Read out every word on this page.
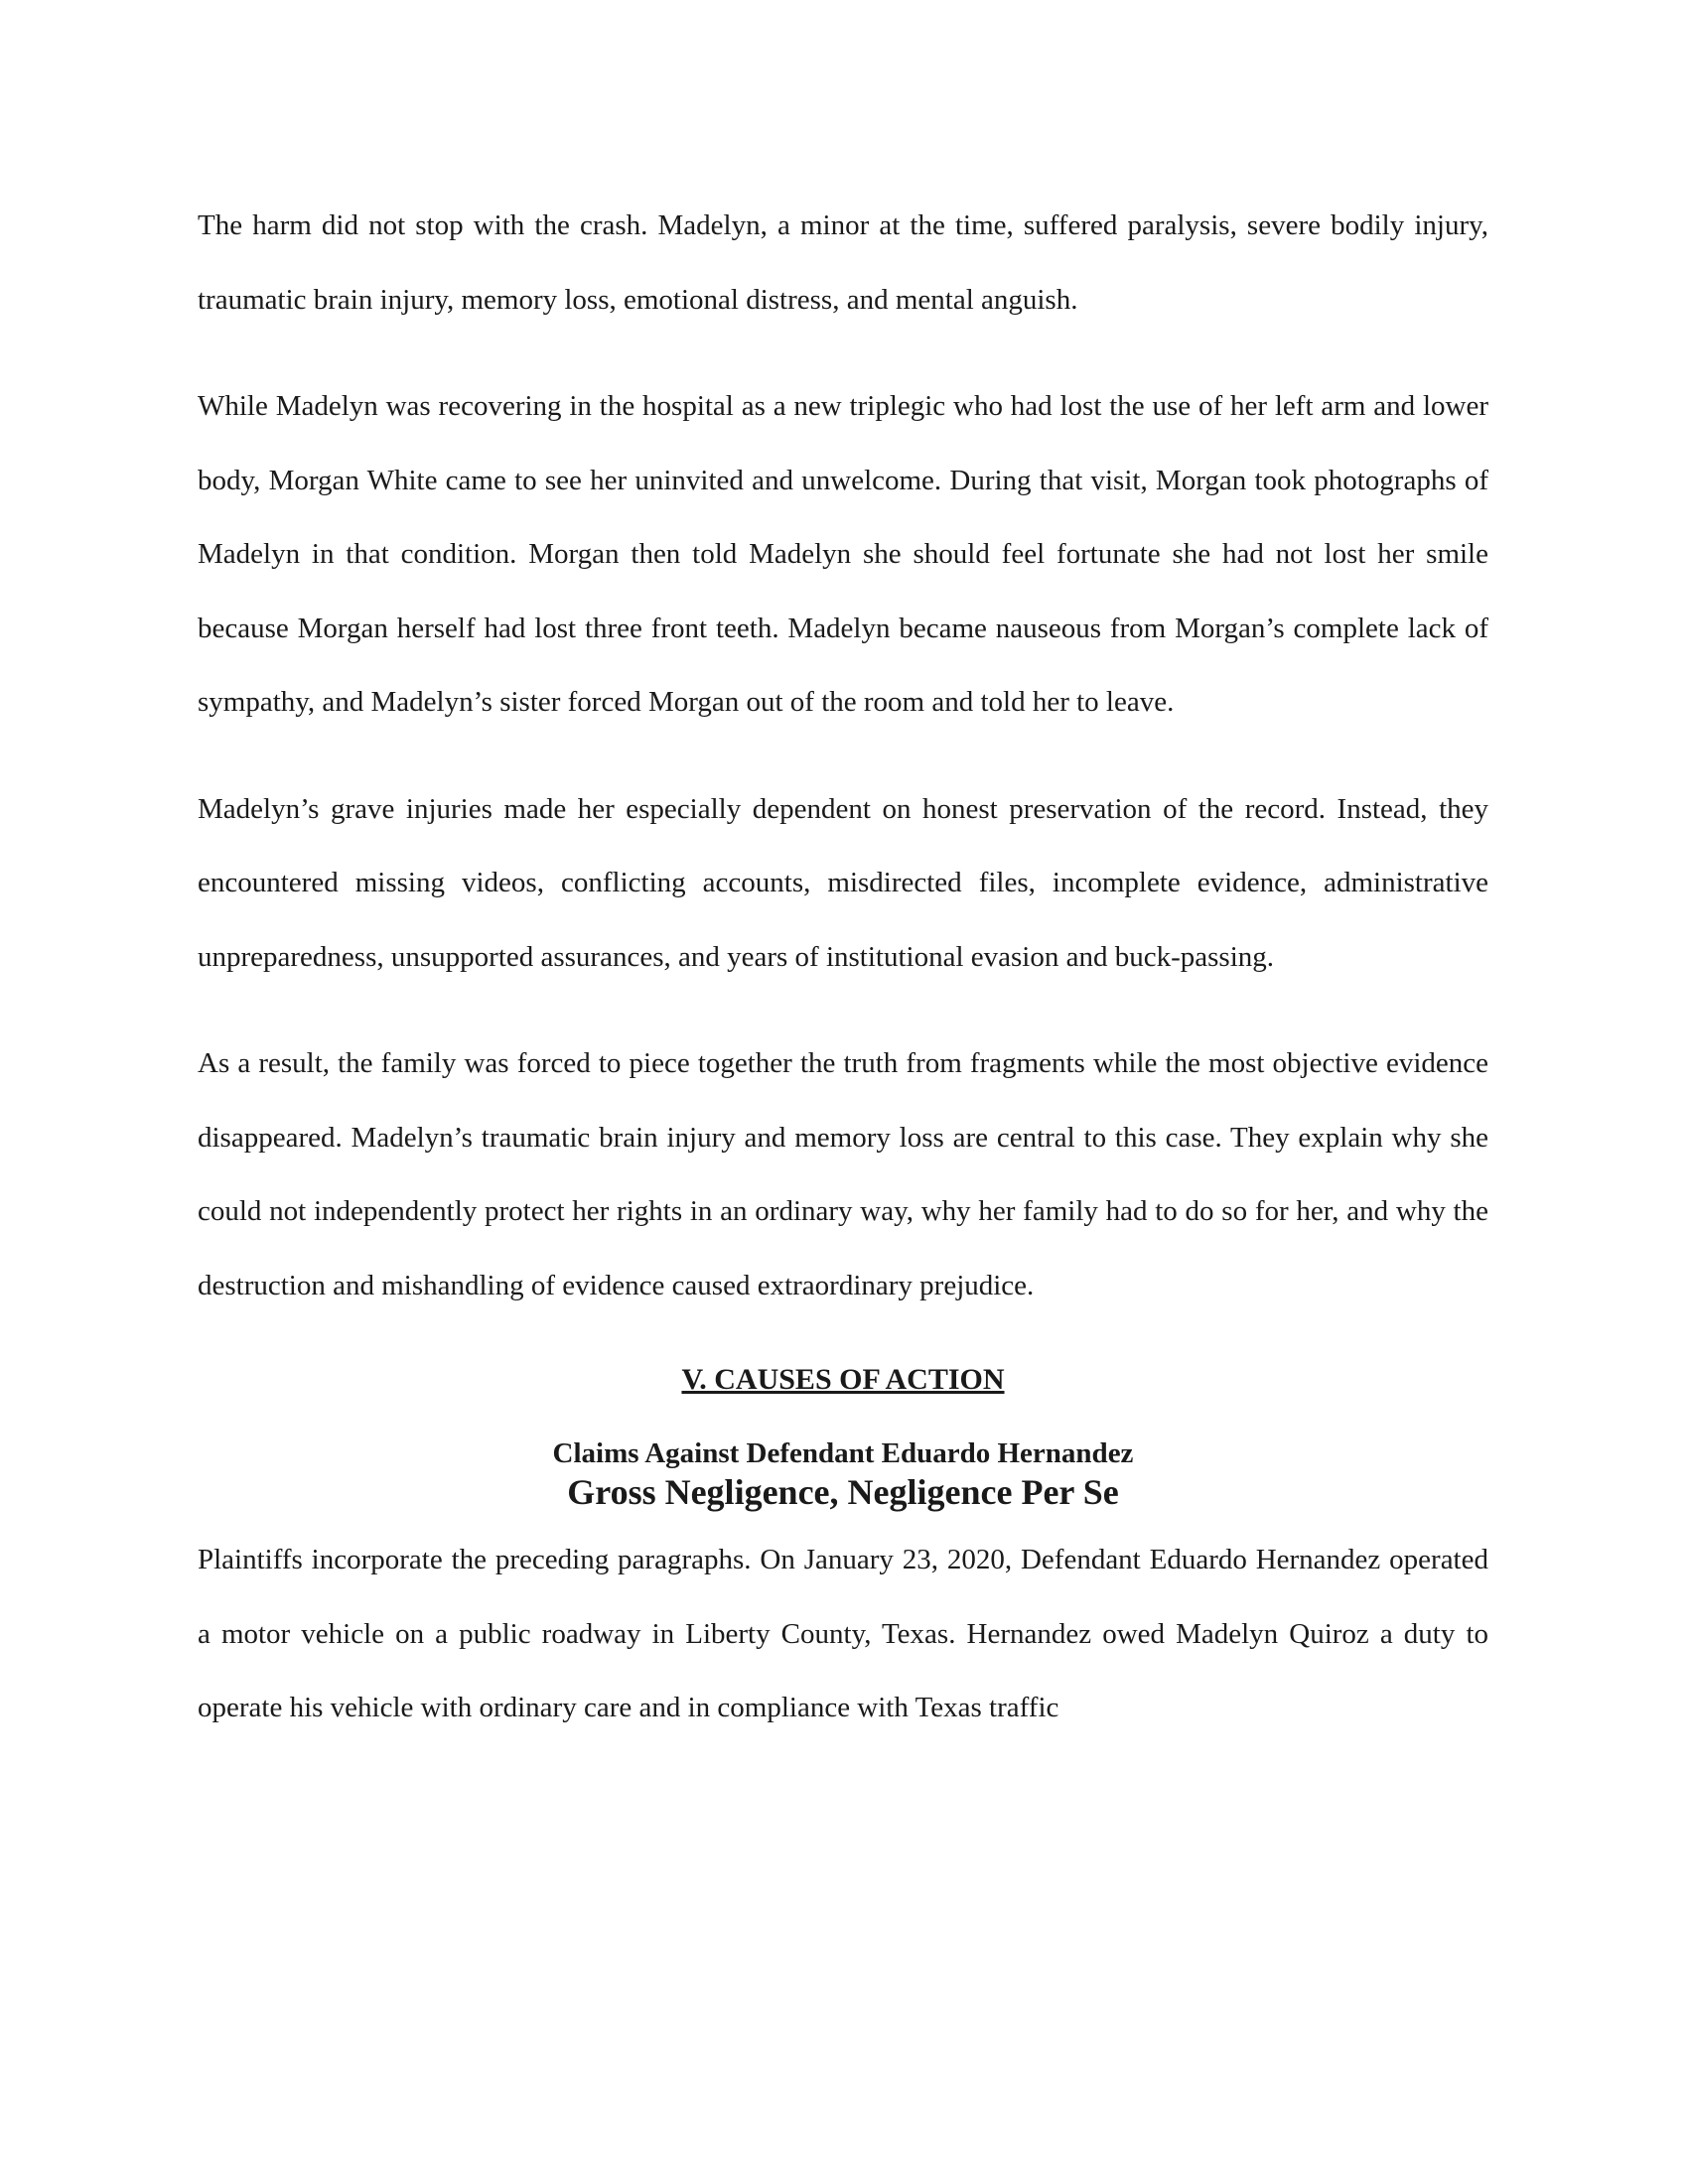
The harm did not stop with the crash. Madelyn, a minor at the time, suffered paralysis, severe bodily injury, traumatic brain injury, memory loss, emotional distress, and mental anguish.

While Madelyn was recovering in the hospital as a new triplegic who had lost the use of her left arm and lower body, Morgan White came to see her uninvited and unwelcome. During that visit, Morgan took photographs of Madelyn in that condition. Morgan then told Madelyn she should feel fortunate she had not lost her smile because Morgan herself had lost three front teeth. Madelyn became nauseous from Morgan’s complete lack of sympathy, and Madelyn’s sister forced Morgan out of the room and told her to leave.

Madelyn’s grave injuries made her especially dependent on honest preservation of the record. Instead, they encountered missing videos, conflicting accounts, misdirected files, incomplete evidence, administrative unpreparedness, unsupported assurances, and years of institutional evasion and buck-passing.

As a result, the family was forced to piece together the truth from fragments while the most objective evidence disappeared. Madelyn’s traumatic brain injury and memory loss are central to this case. They explain why she could not independently protect her rights in an ordinary way, why her family had to do so for her, and why the destruction and mishandling of evidence caused extraordinary prejudice.

V. CAUSES OF ACTION
Claims Against Defendant Eduardo Hernandez
Gross Negligence, Negligence Per Se

Plaintiffs incorporate the preceding paragraphs. On January 23, 2020, Defendant Eduardo Hernandez operated a motor vehicle on a public roadway in Liberty County, Texas. Hernandez owed Madelyn Quiroz a duty to operate his vehicle with ordinary care and in compliance with Texas traffic
